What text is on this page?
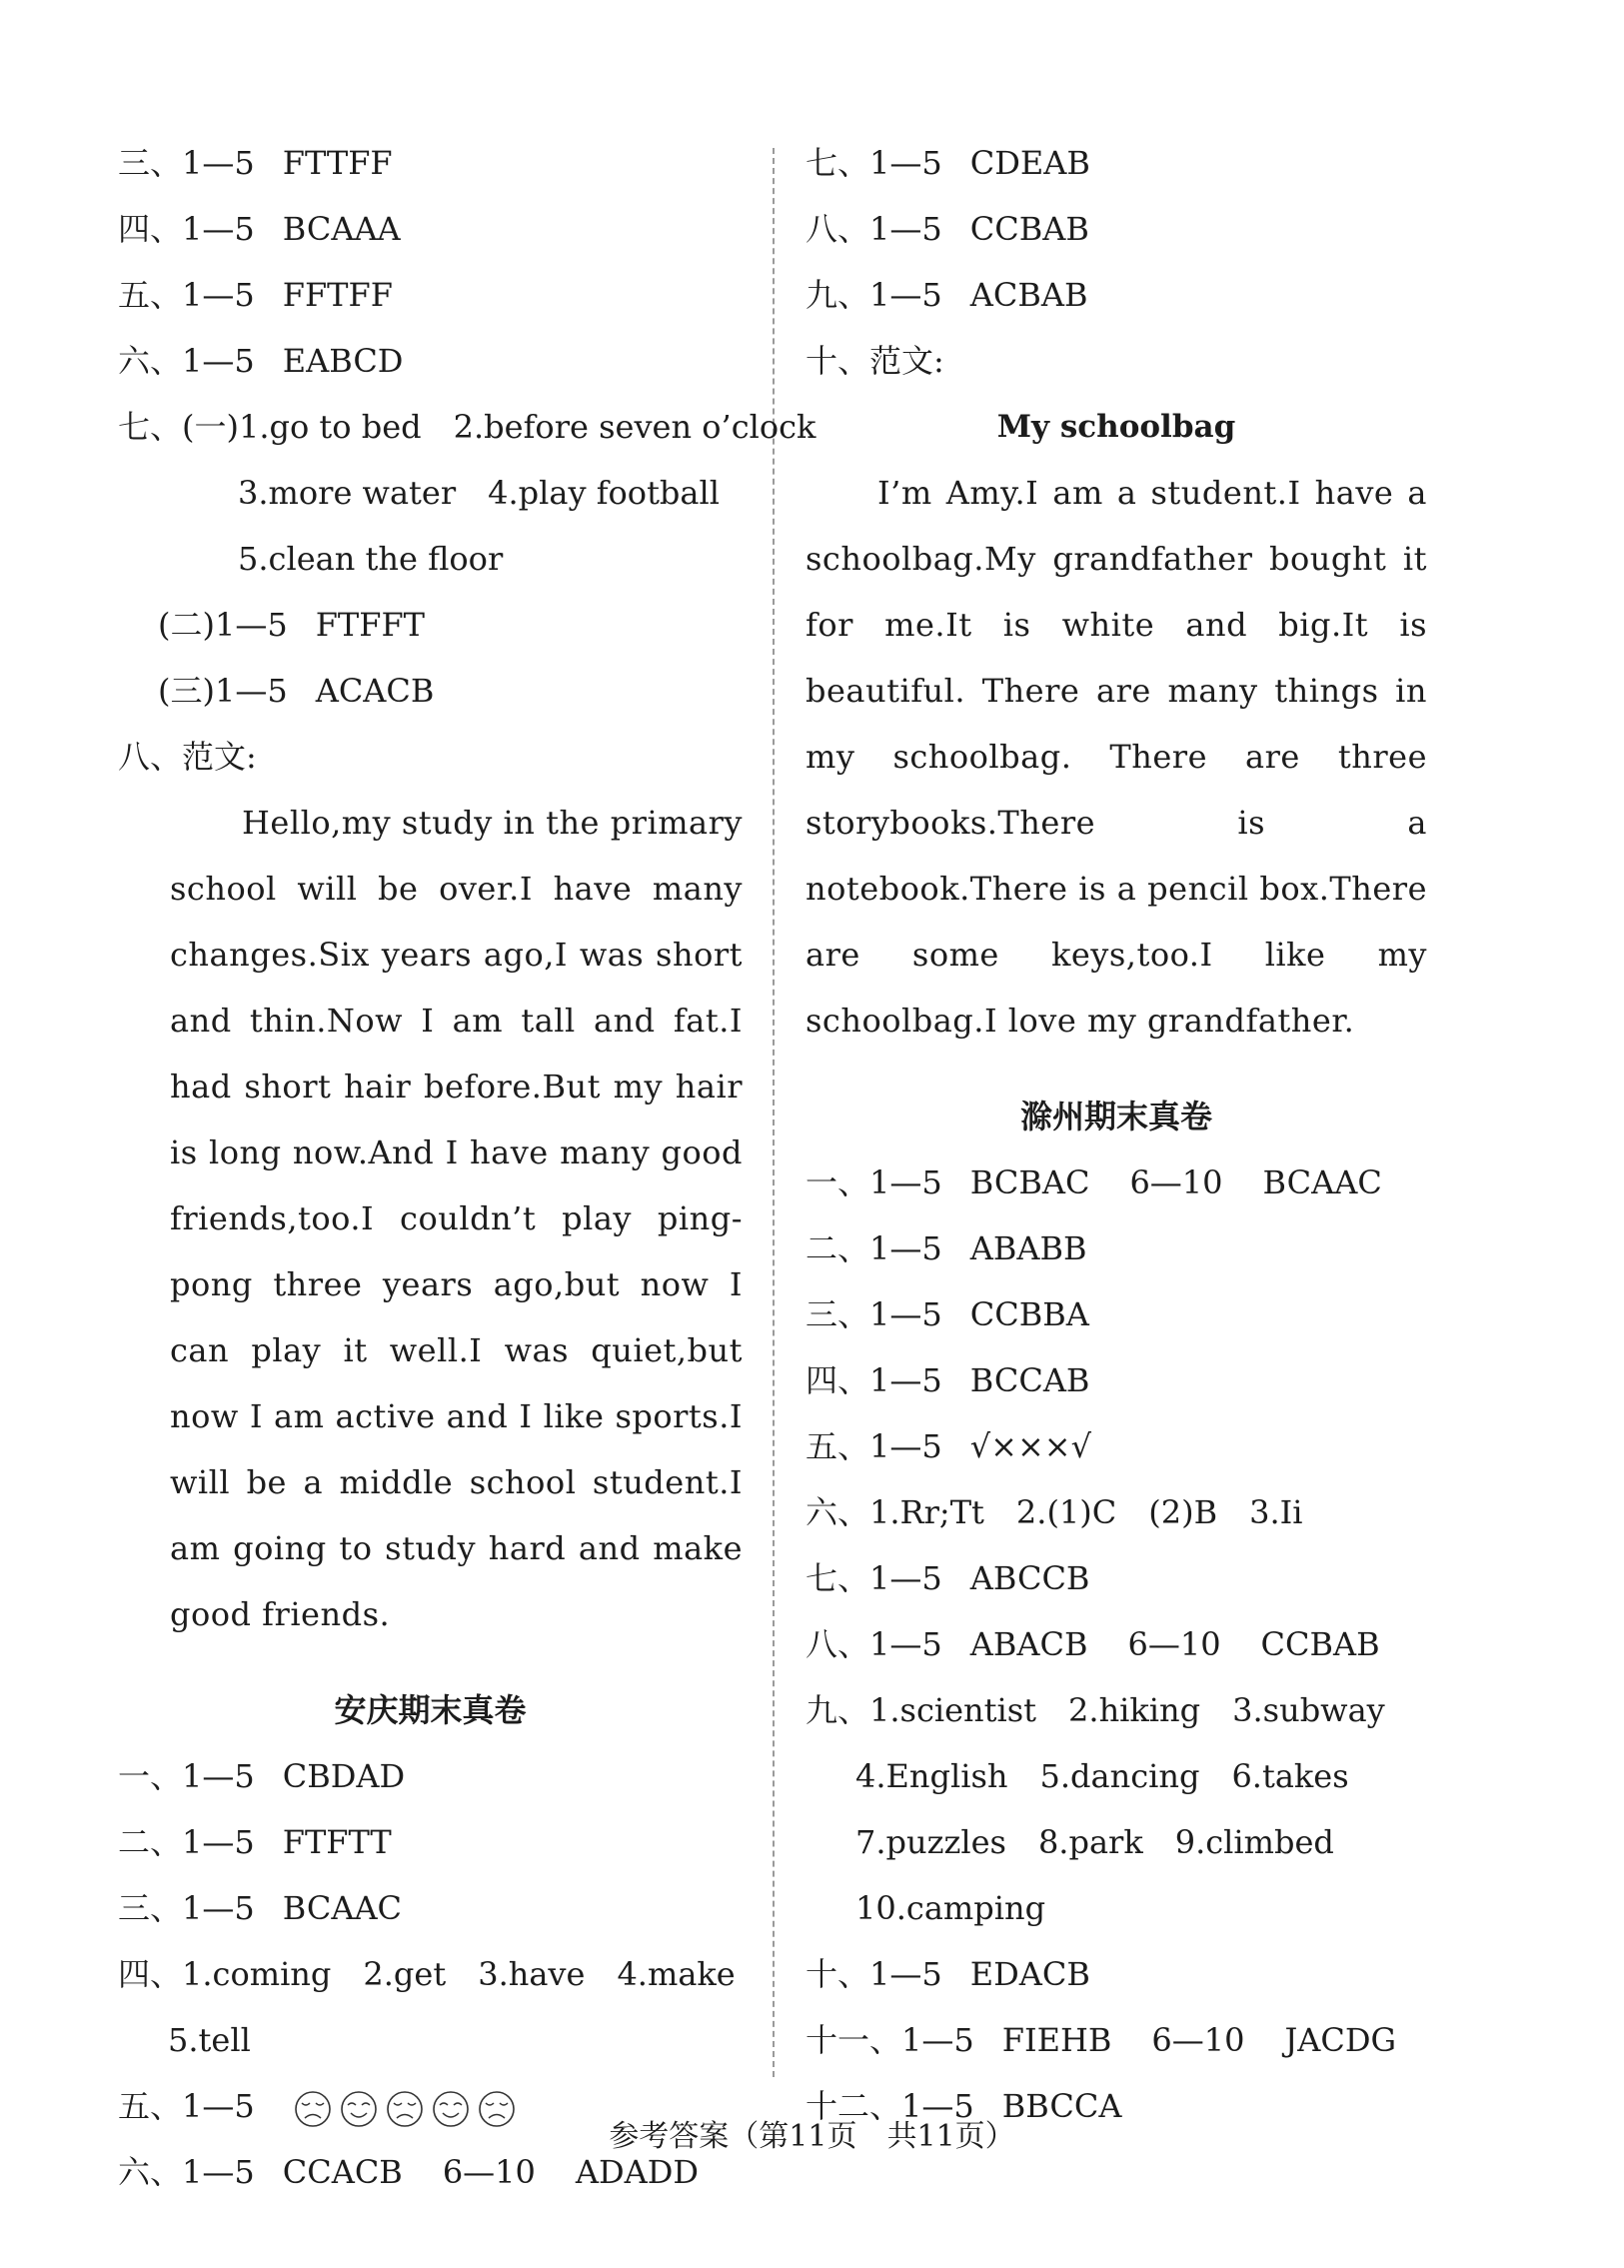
三、1—5 FTTFF
四、1—5 BCAAA
五、1—5 FFTFF
六、1—5 EABCD
七、(一)1.go to bed　2.before seven o’clock
3.more water　4.play football
5.clean the floor
(二)1—5 FTFFT
(三)1—5 ACACB
八、范文:
Hello,my study in the primary school will be over.I have many changes.Six years ago,I was short and thin.Now I am tall and fat.I had short hair before.But my hair is long now.And I have many good friends,too.I couldn’t play ping-pong three years ago,but now I can play it well.I was quiet,but now I am active and I like sports.I will be a middle school student.I am going to study hard and make good friends.
安庆期末真卷
一、1—5 CBDAD
二、1—5 FTFTT
三、1—5 BCAAC
四、1.coming　2.get　3.have　4.make
5.tell
五、1—5
六、1—5 CCACB 6—10 ADADD
七、1—5 CDEAB
八、1—5 CCBAB
九、1—5 ACBAB
十、范文:
My schoolbag
I’m Amy.I am a student.I have a schoolbag.My grandfather bought it for me.It is white and big.It is beautiful. There are many things in my schoolbag. There are three storybooks.There is a notebook.There is a pencil box.There are some keys,too.I like my schoolbag.I love my grandfather.
滁州期末真卷
一、1—5 BCBAC 6—10 BCAAC
二、1—5 ABABB
三、1—5 CCBBA
四、1—5 BCCAB
五、1—5 √×××√
六、1.Rr;Tt　2.(1)C　(2)B　3.Ii
七、1—5 ABCCB
八、1—5 ABACB 6—10 CCBAB
九、1.scientist　2.hiking　3.subway
4.English　5.dancing　6.takes
7.puzzles　8.park　9.climbed
10.camping
十、1—5 EDACB
十一、1—5 FIEHB 6—10 JACDG
十二、1—5 BBCCA
参考答案（第11页　共11页）
